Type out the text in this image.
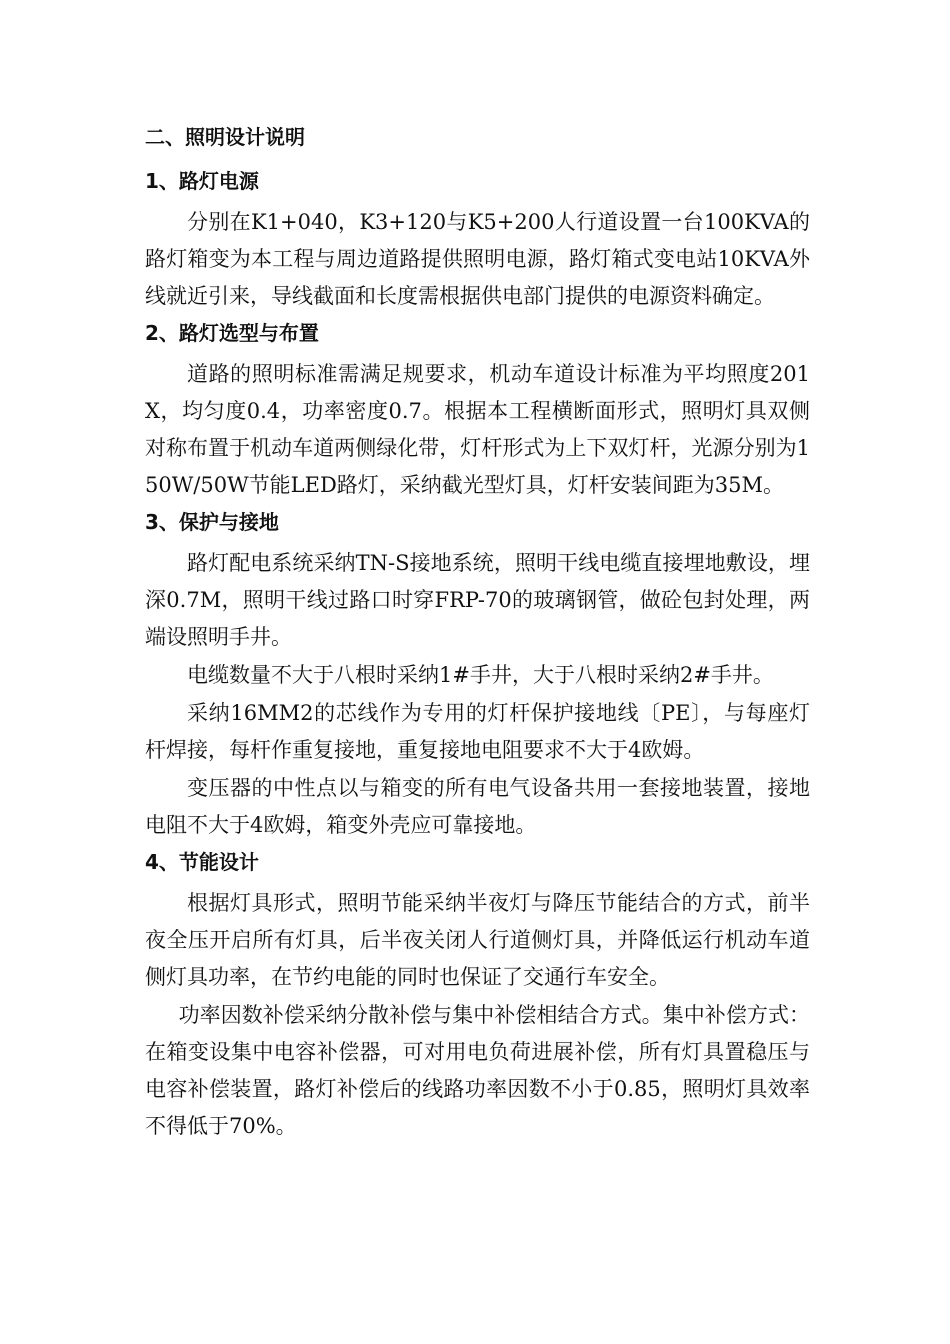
二、照明设计说明
1、路灯电源

分别在K1+040，K3+120与K5+200人行道设置一台100KVA的路灯箱变为本工程与周边道路提供照明电源，路灯箱式变电站10KVA外线就近引来，导线截面和长度需根据供电部门提供的电源资料确定。

2、路灯选型与布置

道路的照明标准需满足规要求，机动车道设计标准为平均照度201X，均匀度0.4，功率密度0.7。根据本工程横断面形式，照明灯具双侧对称布置于机动车道两侧绿化带，灯杆形式为上下双灯杆，光源分别为150W/50W节能LED路灯，采纳截光型灯具，灯杆安装间距为35M。

3、保护与接地

路灯配电系统采纳TN-S接地系统，照明干线电缆直接埋地敷设，埋深0.7M，照明干线过路口时穿FRP-70的玻璃钢管，做砼包封处理，两端设照明手井。

电缆数量不大于八根时采纳1#手井，大于八根时采纳2#手井。

采纳16MM2的芯线作为专用的灯杆保护接地线〔PE〕，与每座灯杆焊接，每杆作重复接地，重复接地电阻要求不大于4欧姆。

变压器的中性点以与箱变的所有电气设备共用一套接地装置，接地电阻不大于4欧姆，箱变外壳应可靠接地。

4、节能设计

根据灯具形式，照明节能采纳半夜灯与降压节能结合的方式，前半夜全压开启所有灯具，后半夜关闭人行道侧灯具，并降低运行机动车道侧灯具功率，在节约电能的同时也保证了交通行车安全。

功率因数补偿采纳分散补偿与集中补偿相结合方式。集中补偿方式：在箱变设集中电容补偿器，可对用电负荷进展补偿，所有灯具置稳压与电容补偿装置，路灯补偿后的线路功率因数不小于0.85，照明灯具效率不得低于70%。
